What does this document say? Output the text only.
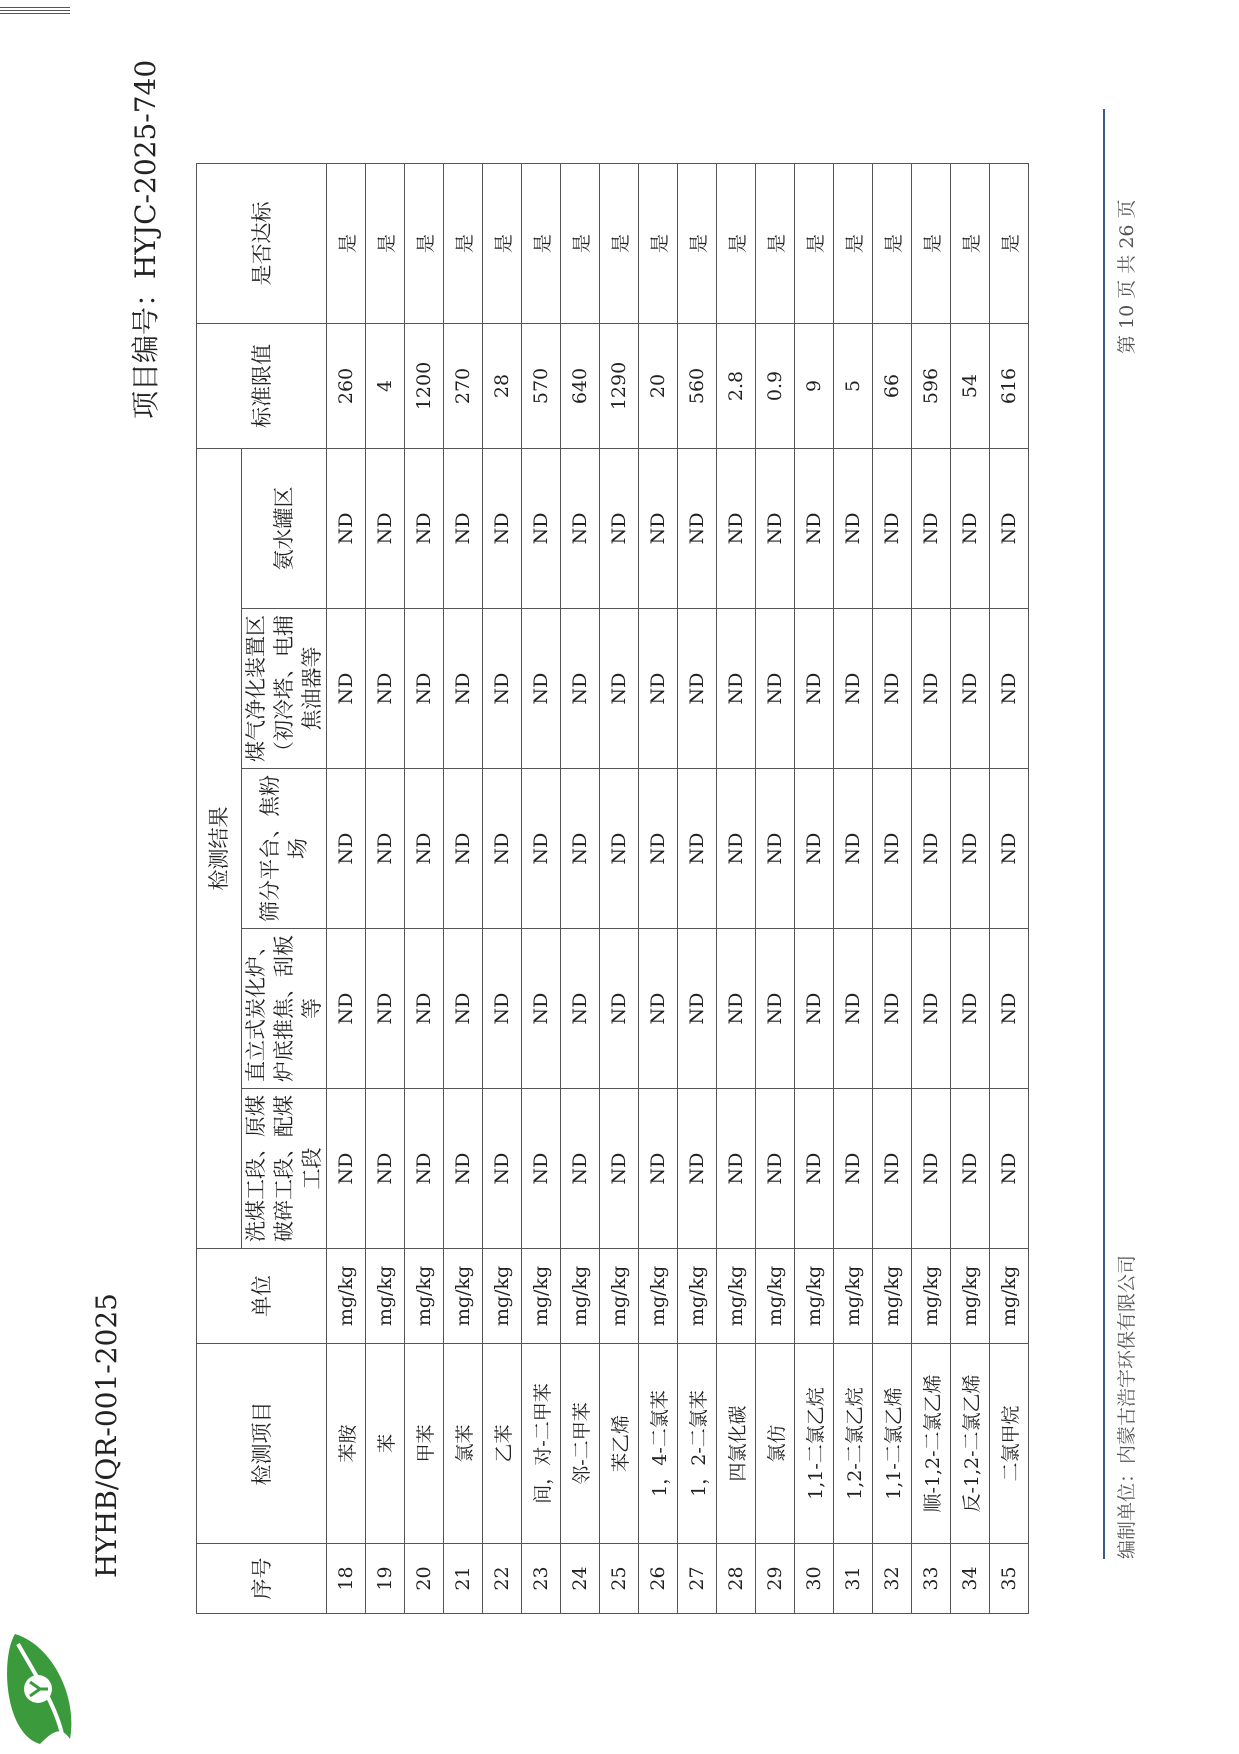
HYHB/QR-001-2025
项目编号：HYJC-2025-740
序号	检测项目	单位	检测结果					标准限值	是否达标
			洗煤工段、原煤破碎工段、配煤工段	直立式炭化炉、炉底推焦、刮板等	筛分平台、焦粉场	煤气净化装置区（初冷塔、电捕焦油器等	氨水罐区		
18	苯胺	mg/kg	ND	ND	ND	ND	ND	260	是
19	苯	mg/kg	ND	ND	ND	ND	ND	4	是
20	甲苯	mg/kg	ND	ND	ND	ND	ND	1200	是
21	氯苯	mg/kg	ND	ND	ND	ND	ND	270	是
22	乙苯	mg/kg	ND	ND	ND	ND	ND	28	是
23	间，对-二甲苯	mg/kg	ND	ND	ND	ND	ND	570	是
24	邻-二甲苯	mg/kg	ND	ND	ND	ND	ND	640	是
25	苯乙烯	mg/kg	ND	ND	ND	ND	ND	1290	是
26	1，4-二氯苯	mg/kg	ND	ND	ND	ND	ND	20	是
27	1，2-二氯苯	mg/kg	ND	ND	ND	ND	ND	560	是
28	四氯化碳	mg/kg	ND	ND	ND	ND	ND	2.8	是
29	氯仿	mg/kg	ND	ND	ND	ND	ND	0.9	是
30	1,1-二氯乙烷	mg/kg	ND	ND	ND	ND	ND	9	是
31	1,2-二氯乙烷	mg/kg	ND	ND	ND	ND	ND	5	是
32	1,1-二氯乙烯	mg/kg	ND	ND	ND	ND	ND	66	是
33	顺-1,2-二氯乙烯	mg/kg	ND	ND	ND	ND	ND	596	是
34	反-1,2-二氯乙烯	mg/kg	ND	ND	ND	ND	ND	54	是
35	二氯甲烷	mg/kg	ND	ND	ND	ND	ND	616	是
编制单位：内蒙古浩宇环保有限公司
第 10 页 共 26 页
